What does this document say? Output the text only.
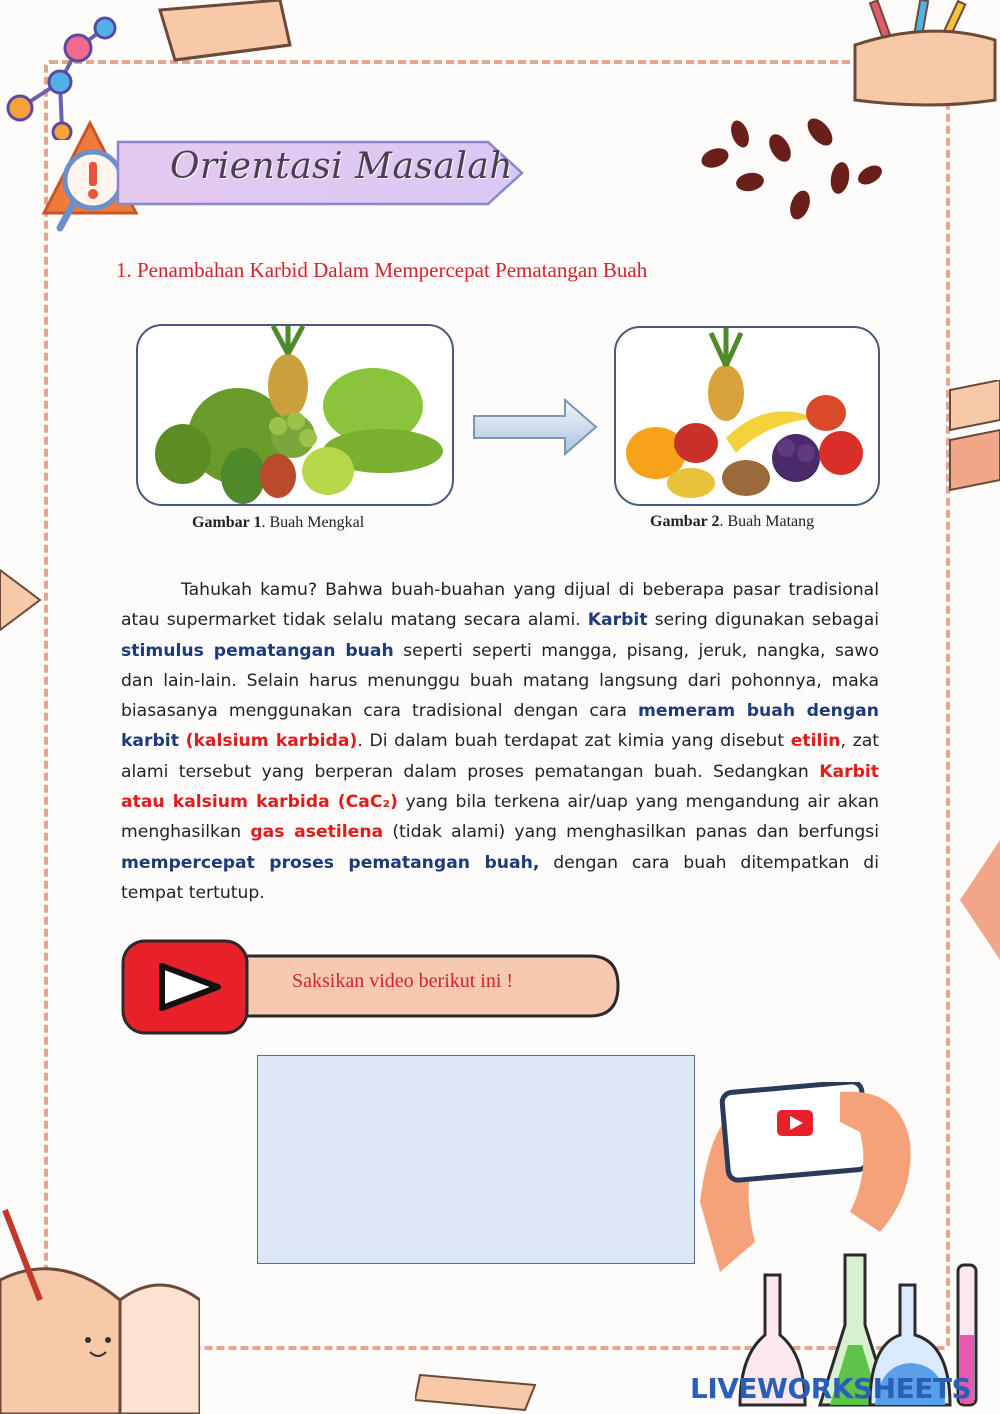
Orientasi Masalah
1. Penambahan Karbid Dalam Mempercepat Pematangan Buah
Gambar 1. Buah Mengkal	Gambar 2. Buah Matang
Tahukah kamu? Bahwa buah-buahan yang dijual di beberapa pasar tradisional atau supermarket tidak selalu matang secara alami. Karbit sering digunakan sebagai stimulus pematangan buah seperti seperti mangga, pisang, jeruk, nangka, sawo dan lain-lain. Selain harus menunggu buah matang langsung dari pohonnya, maka biasasanya menggunakan cara tradisional dengan cara memeram buah dengan karbit (kalsium karbida). Di dalam buah terdapat zat kimia yang disebut etilin, zat alami tersebut yang berperan dalam proses pematangan buah. Sedangkan Karbit atau kalsium karbida (CaC₂) yang bila terkena air/uap yang mengandung air akan menghasilkan gas asetilena (tidak alami) yang menghasilkan panas dan berfungsi mempercepat proses pematangan buah, dengan cara buah ditempatkan di tempat tertutup.
Saksikan video berikut ini !
LIVEWORKSHEETS
